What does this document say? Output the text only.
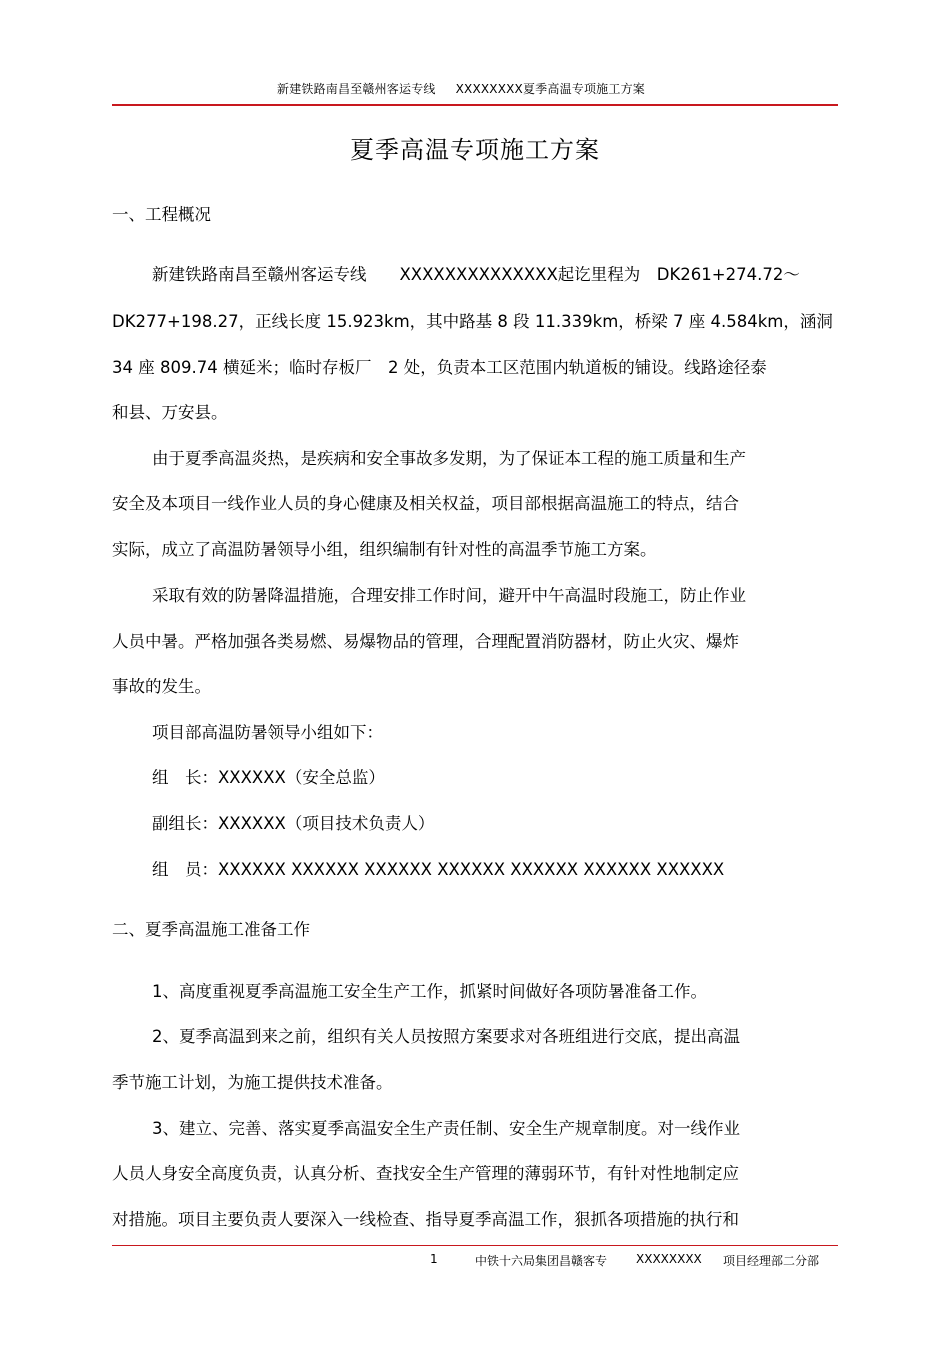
新建铁路南昌至赣州客运专线 XXXXXXXX夏季高温专项施工方案
夏季高温专项施工方案
一、工程概况
新建铁路南昌至赣州客运专线　　XXXXXXXXXXXXXX起讫里程为　DK261+274.72～
DK277+198.27，正线长度 15.923km，其中路基 8 段 11.339km，桥梁 7 座 4.584km，涵洞
34 座 809.74 横延米；临时存板厂　2 处，负责本工区范围内轨道板的铺设。线路途径泰
和县、万安县。
由于夏季高温炎热，是疾病和安全事故多发期，为了保证本工程的施工质量和生产
安全及本项目一线作业人员的身心健康及相关权益，项目部根据高温施工的特点，结合
实际，成立了高温防暑领导小组，组织编制有针对性的高温季节施工方案。
采取有效的防暑降温措施，合理安排工作时间，避开中午高温时段施工，防止作业
人员中暑。严格加强各类易燃、易爆物品的管理，合理配置消防器材，防止火灾、爆炸
事故的发生。
项目部高温防暑领导小组如下：
组　长：XXXXXX（安全总监）
副组长：XXXXXX（项目技术负责人）
组　员：XXXXXX XXXXXX XXXXXX XXXXXX XXXXXX XXXXXX XXXXXX
二、夏季高温施工准备工作
1、高度重视夏季高温施工安全生产工作，抓紧时间做好各项防暑准备工作。
2、夏季高温到来之前，组织有关人员按照方案要求对各班组进行交底，提出高温
季节施工计划，为施工提供技术准备。
3、建立、完善、落实夏季高温安全生产责任制、安全生产规章制度。对一线作业
人员人身安全高度负责，认真分析、查找安全生产管理的薄弱环节，有针对性地制定应
对措施。项目主要负责人要深入一线检查、指导夏季高温工作，狠抓各项措施的执行和
1	中铁十六局集团昌赣客专 XXXXXXXX 项目经理部二分部
